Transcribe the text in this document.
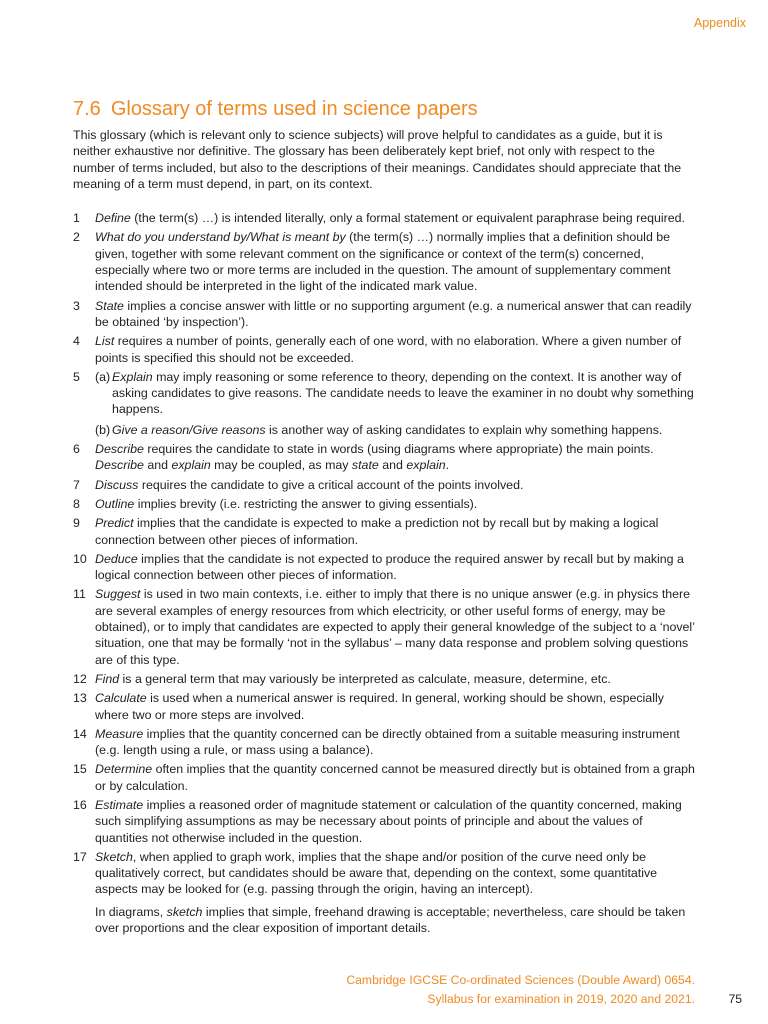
Appendix
7.6 Glossary of terms used in science papers

This glossary (which is relevant only to science subjects) will prove helpful to candidates as a guide, but it is neither exhaustive nor definitive. The glossary has been deliberately kept brief, not only with respect to the number of terms included, but also to the descriptions of their meanings. Candidates should appreciate that the meaning of a term must depend, in part, on its context.

1 Define (the term(s) …) is intended literally, only a formal statement or equivalent paraphrase being required.

2 What do you understand by/What is meant by (the term(s) …) normally implies that a definition should be given, together with some relevant comment on the significance or context of the term(s) concerned, especially where two or more terms are included in the question. The amount of supplementary comment intended should be interpreted in the light of the indicated mark value.

3 State implies a concise answer with little or no supporting argument (e.g. a numerical answer that can readily be obtained ‘by inspection’).

4 List requires a number of points, generally each of one word, with no elaboration. Where a given number of points is specified this should not be exceeded.

5 (a) Explain may imply reasoning or some reference to theory, depending on the context. It is another way of asking candidates to give reasons. The candidate needs to leave the examiner in no doubt why something happens.

(b) Give a reason/Give reasons is another way of asking candidates to explain why something happens.

6 Describe requires the candidate to state in words (using diagrams where appropriate) the main points.
Describe and explain may be coupled, as may state and explain.

7 Discuss requires the candidate to give a critical account of the points involved.

8 Outline implies brevity (i.e. restricting the answer to giving essentials).

9 Predict implies that the candidate is expected to make a prediction not by recall but by making a logical connection between other pieces of information.

10 Deduce implies that the candidate is not expected to produce the required answer by recall but by making a logical connection between other pieces of information.

11 Suggest is used in two main contexts, i.e. either to imply that there is no unique answer (e.g. in physics there are several examples of energy resources from which electricity, or other useful forms of energy, may be obtained), or to imply that candidates are expected to apply their general knowledge of the subject to a ‘novel’ situation, one that may be formally ‘not in the syllabus’ – many data response and problem solving questions are of this type.

12 Find is a general term that may variously be interpreted as calculate, measure, determine, etc.

13 Calculate is used when a numerical answer is required. In general, working should be shown, especially where two or more steps are involved.

14 Measure implies that the quantity concerned can be directly obtained from a suitable measuring instrument (e.g. length using a rule, or mass using a balance).

15 Determine often implies that the quantity concerned cannot be measured directly but is obtained from a graph or by calculation.

16 Estimate implies a reasoned order of magnitude statement or calculation of the quantity concerned, making such simplifying assumptions as may be necessary about points of principle and about the values of quantities not otherwise included in the question.

17 Sketch, when applied to graph work, implies that the shape and/or position of the curve need only be qualitatively correct, but candidates should be aware that, depending on the context, some quantitative aspects may be looked for (e.g. passing through the origin, having an intercept).

In diagrams, sketch implies that simple, freehand drawing is acceptable; nevertheless, care should be taken over proportions and the clear exposition of important details.

Cambridge IGCSE Co-ordinated Sciences (Double Award) 0654.
Syllabus for examination in 2019, 2020 and 2021.	75
